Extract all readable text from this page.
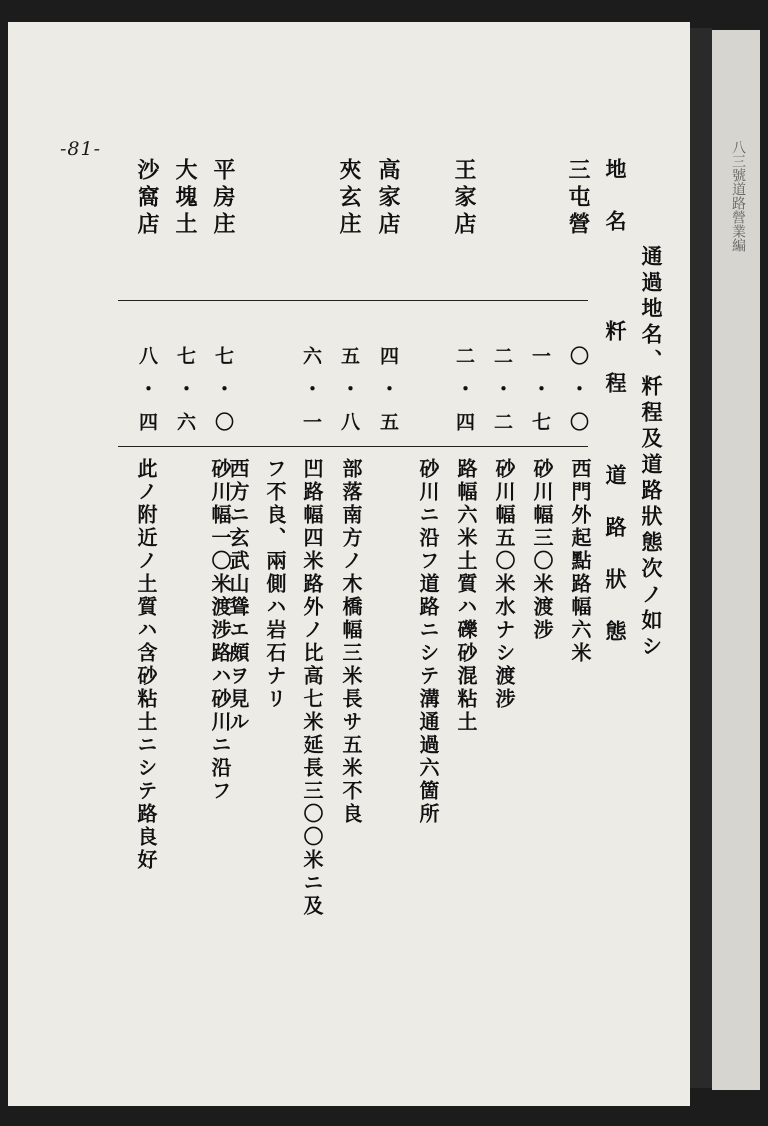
八三號道路營業編
-81-
通過地名、粁程及道路狀態次ノ如シ
地　名
粁　程
道　路　狀　態
三屯營
〇・〇
西門外起點路幅六米
一・七
砂川幅三〇米渡涉
二・二
砂川幅五〇米水ナシ渡涉
王家店
二・四
路幅六米土質ハ礫砂混粘土
砂川ニ沿フ道路ニシテ溝通過六箇所
高家店
四・五
夾玄庄
五・八
部落南方ノ木橋幅三米長サ五米不良
六・一
凹路幅四米路外ノ比高七米延長三〇〇米ニ及
フ不良、兩側ハ岩石ナリ
西方ニ玄武山聳エ頗ヲ見ル
平房庄
七・〇
砂川幅一〇米渡涉路ハ砂川ニ沿フ
大塊土
七・六
此ノ附近ノ土質ハ含砂粘土ニシテ路良好
沙窩店
八・四
